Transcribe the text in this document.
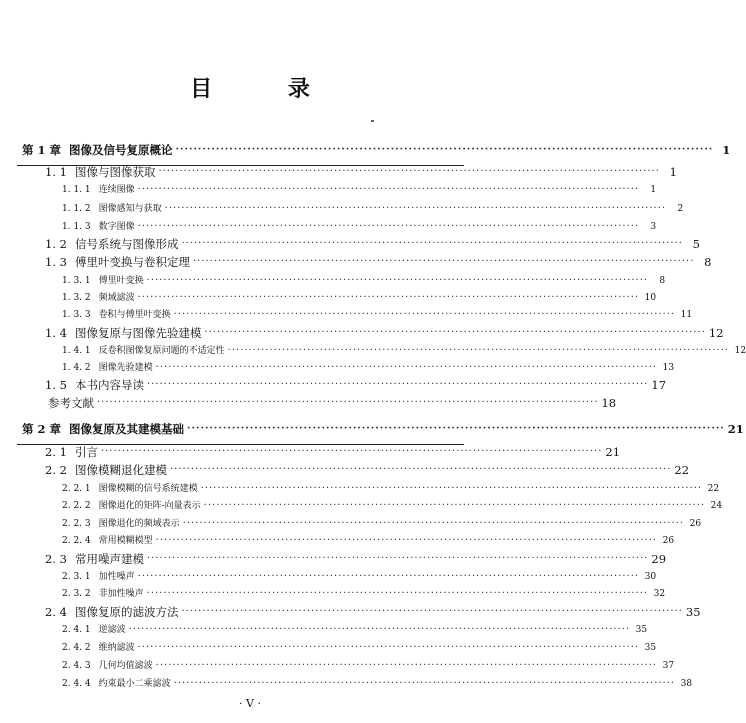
目 录
· V ·
第 1 章 图像及信号复原概论 ························································································································ 1
1. 1 图像与图像获取 ························································································································ 1
1. 1. 1 连续图像 ························································································································	1
1. 1. 2 图像感知与获取 ························································································································	2
1. 1. 3 数字图像 ························································································································	3
1. 2 信号系统与图像形成 ························································································································ 5
1. 3 傅里叶变换与卷积定理 ························································································································ 8
1. 3. 1 傅里叶变换 ························································································································	8
1. 3. 2 频域滤波 ························································································································ 10
1. 3. 3 卷积与傅里叶变换 ························································································································ 11
1. 4 图像复原与图像先验建模 ························································································································ 12
1. 4. 1 反卷积图像复原问题的不适定性 ························································································································ 12
1. 4. 2 图像先验建模 ························································································································ 13
1. 5 本书内容导读 ························································································································ 17
参考文献 ························································································································ 18
第 2 章 图像复原及其建模基础 ························································································································ 21
2. 1 引言 ························································································································ 21
2. 2 图像模糊退化建模 ························································································································ 22
2. 2. 1 图像模糊的信号系统建模 ························································································································ 22
2. 2. 2 图像退化的矩阵-向量表示 ························································································································ 24
2. 2. 3 图像退化的频域表示 ························································································································ 26
2. 2. 4 常用模糊模型 ························································································································ 26
2. 3 常用噪声建模 ························································································································ 29
2. 3. 1 加性噪声 ························································································································ 30
2. 3. 2 非加性噪声 ························································································································ 32
2. 4 图像复原的滤波方法 ························································································································ 35
2. 4. 1 逆滤波 ························································································································ 35
2. 4. 2 维纳滤波 ························································································································ 35
2. 4. 3 几何均值滤波 ························································································································ 37
2. 4. 4 约束最小二乘滤波 ························································································································ 38
